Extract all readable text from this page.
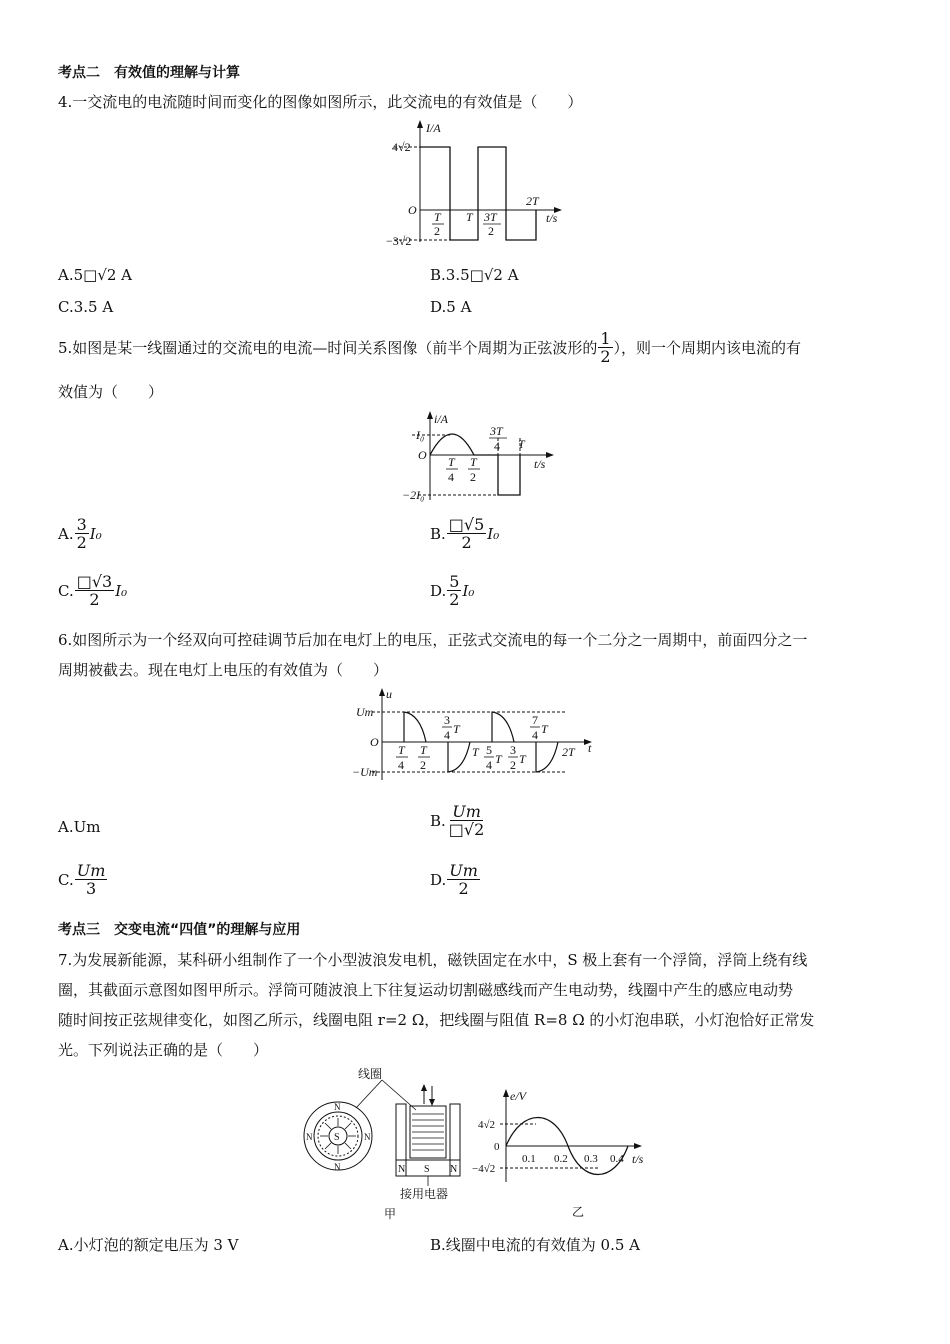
考点二　有效值的理解与计算
4.一交流电的电流随时间而变化的图像如图所示，此交流电的有效值是（　　）
I/A
t/s
4√2
−3√2
O T
2
T 3T
2
2T
A.5□√2 A	B.3.5□√2 A
C.3.5 A	D.5 A
5.如图是某一线圈通过的交流电的电流—时间关系图像（前半个周期为正弦波形的 $\frac{1}{2}$ ），则一个周期内该电流的有
效值为（　　）
i/A
t/s
I₀
−2I₀
O T
4
T
2
3T
4 T
A. $\frac{3}{2} I_0$	B. $\frac{□√5}{2} I_0$
C. $\frac{□√3}{2} I_0$	D. $\frac{5}{2} I_0$
6.如图所示为一个经双向可控硅调节后加在电灯上的电压，正弦式交流电的每一个二分之一周期中，前面四分之一
周期被截去。现在电灯上电压的有效值为（　　）
u
t
Um
−Um
O
T
4
T
2
3
4 T
T 5
4 T
3
2 T
7
4 T
2T
A.Um	B. $\frac{Um}{□√2}$
C. $\frac{Um}{3}$	D. $\frac{Um}{2}$
考点三　交变电流“四值”的理解与应用
7.为发展新能源，某科研小组制作了一个小型波浪发电机，磁铁固定在水中，S 极上套有一个浮筒，浮筒上绕有线
圈，其截面示意图如图甲所示。浮筒可随波浪上下往复运动切割磁感线而产生电动势，线圈中产生的感应电动势
随时间按正弦规律变化，如图乙所示，线圈电阻 r=2 Ω，把线圈与阻值 R=8 Ω 的小灯泡串联，小灯泡恰好正常发
光。下列说法正确的是（　　）
S
N
N
N	N
N S N
线圈
接用电器
甲
e/V
t/s
4√2
−4√2
0
0.1 0.2 0.3 0.4
乙
A.小灯泡的额定电压为 3 V	B.线圈中电流的有效值为 0.5 A
